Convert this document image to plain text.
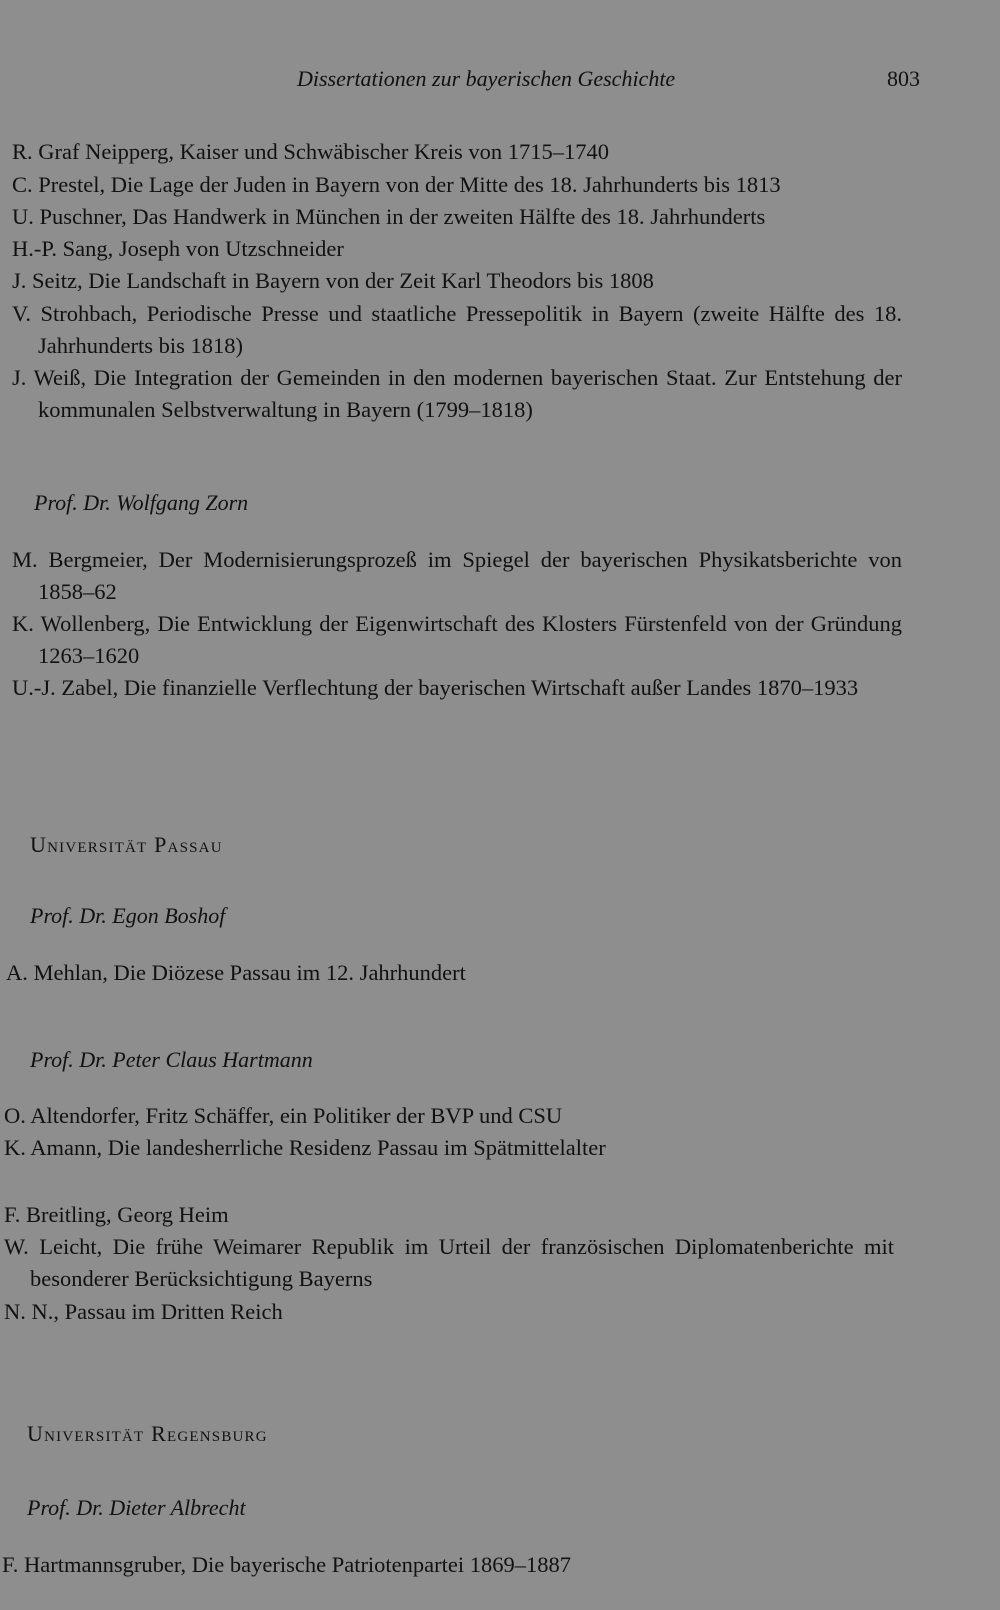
Dissertationen zur bayerischen Geschichte	803
R. Graf Neipperg, Kaiser und Schwäbischer Kreis von 1715–1740
C. Prestel, Die Lage der Juden in Bayern von der Mitte des 18. Jahrhunderts bis 1813
U. Puschner, Das Handwerk in München in der zweiten Hälfte des 18. Jahrhunderts
H.-P. Sang, Joseph von Utzschneider
J. Seitz, Die Landschaft in Bayern von der Zeit Karl Theodors bis 1808
V. Strohbach, Periodische Presse und staatliche Pressepolitik in Bayern (zweite Hälfte des 18. Jahrhunderts bis 1818)
J. Weiß, Die Integration der Gemeinden in den modernen bayerischen Staat. Zur Entstehung der kommunalen Selbstverwaltung in Bayern (1799–1818)
Prof. Dr. Wolfgang Zorn
M. Bergmeier, Der Modernisierungsprozeß im Spiegel der bayerischen Physikatsberichte von 1858–62
K. Wollenberg, Die Entwicklung der Eigenwirtschaft des Klosters Fürstenfeld von der Gründung 1263–1620
U.-J. Zabel, Die finanzielle Verflechtung der bayerischen Wirtschaft außer Landes 1870–1933
Universität Passau
Prof. Dr. Egon Boshof
A. Mehlan, Die Diözese Passau im 12. Jahrhundert
Prof. Dr. Peter Claus Hartmann
O. Altendorfer, Fritz Schäffer, ein Politiker der BVP und CSU
K. Amann, Die landesherrliche Residenz Passau im Spätmittelalter
F. Breitling, Georg Heim
W. Leicht, Die frühe Weimarer Republik im Urteil der französischen Diplomatenberichte mit besonderer Berücksichtigung Bayerns
N. N., Passau im Dritten Reich
Universität Regensburg
Prof. Dr. Dieter Albrecht
F. Hartmannsgruber, Die bayerische Patriotenpartei 1869–1887
